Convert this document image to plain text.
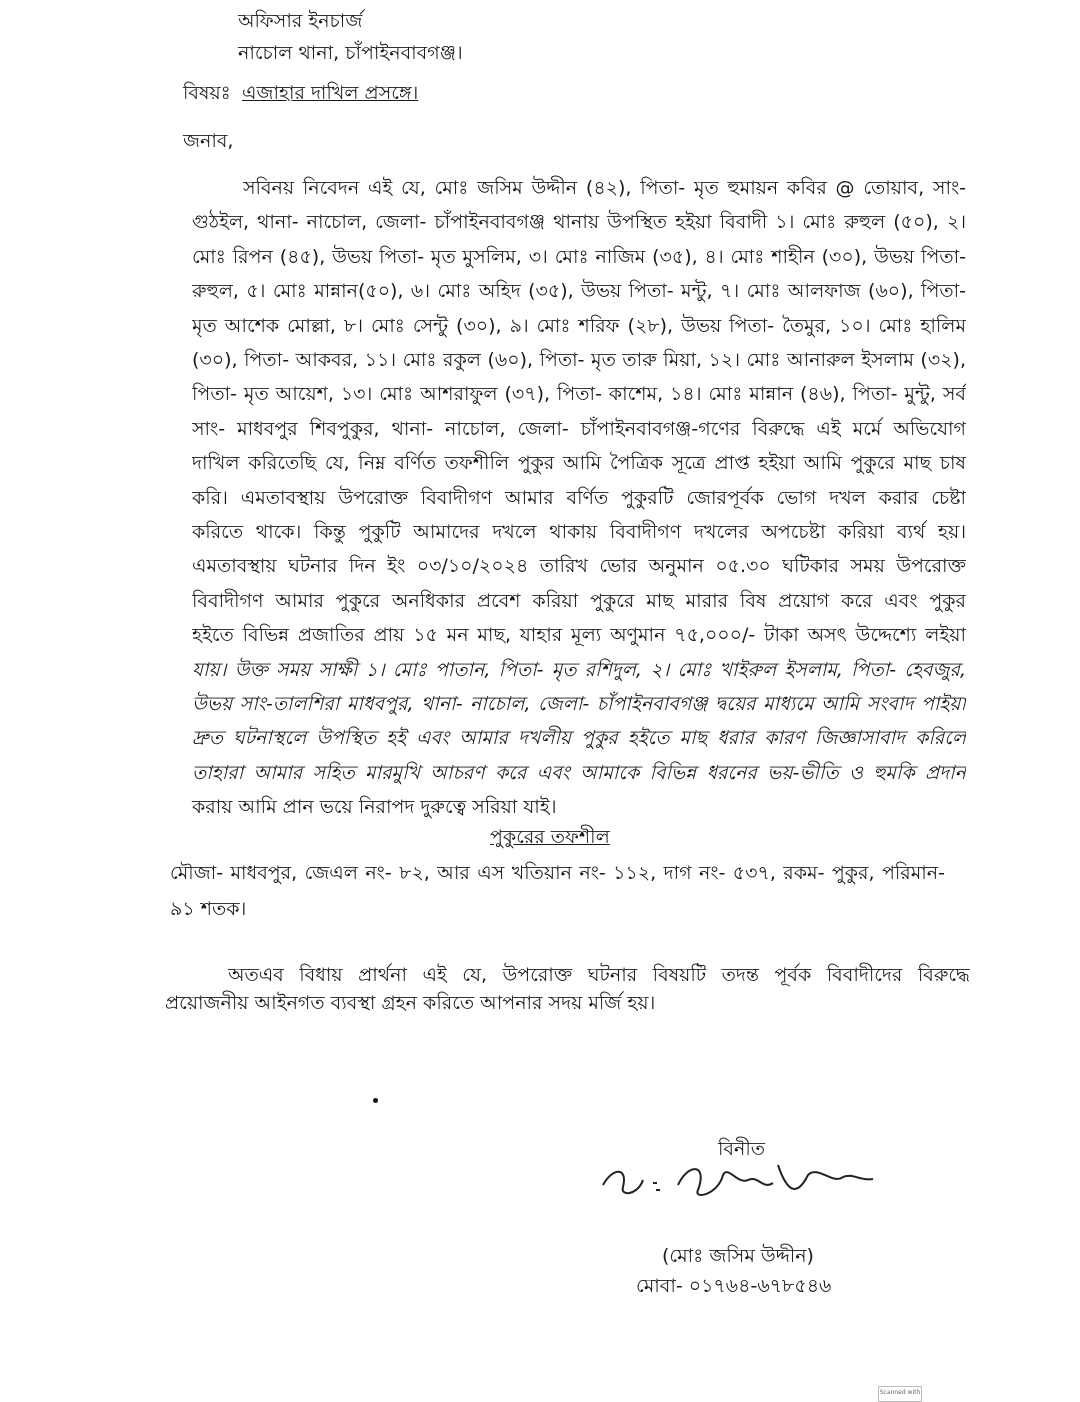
অফিসার ইনচার্জ
নাচোল থানা, চাঁপাইনবাবগঞ্জ।
বিষয়ঃ এজাহার দাখিল প্রসঙ্গে।
জনাব,
সবিনয় নিবেদন এই যে, মোঃ জসিম উদ্দীন (৪২), পিতা- মৃত হুমায়ন কবির @ তোয়াব, সাং-
গুঠইল, থানা- নাচোল, জেলা- চাঁপাইনবাবগঞ্জ থানায় উপস্থিত হইয়া বিবাদী ১। মোঃ রুহুল (৫০), ২।
মোঃ রিপন (৪৫), উভয় পিতা- মৃত মুসলিম, ৩। মোঃ নাজিম (৩৫), ৪। মোঃ শাহীন (৩০), উভয় পিতা-
রুহুল, ৫। মোঃ মান্নান(৫০), ৬। মোঃ অহিদ (৩৫), উভয় পিতা- মন্টু, ৭। মোঃ আলফাজ (৬০), পিতা-
মৃত আশেক মোল্লা, ৮। মোঃ সেন্টু (৩০), ৯। মোঃ শরিফ (২৮), উভয় পিতা- তৈমুর, ১০। মোঃ হালিম
(৩০), পিতা- আকবর, ১১। মোঃ রকুল (৬০), পিতা- মৃত তারু মিয়া, ১২। মোঃ আনারুল ইসলাম (৩২),
পিতা- মৃত আয়েশ, ১৩। মোঃ আশরাফুল (৩৭), পিতা- কাশেম, ১৪। মোঃ মান্নান (৪৬), পিতা- মুন্টু, সর্ব
সাং- মাধবপুর শিবপুকুর, থানা- নাচোল, জেলা- চাঁপাইনবাবগঞ্জ-গণের বিরুদ্ধে এই মর্মে অভিযোগ
দাখিল করিতেছি যে, নিম্ন বর্ণিত তফশীলি পুকুর আমি পৈত্রিক সূত্রে প্রাপ্ত হইয়া আমি পুকুরে মাছ চাষ
করি। এমতাবস্থায় উপরোক্ত বিবাদীগণ আমার বর্ণিত পুকুরটি জোরপূর্বক ভোগ দখল করার চেষ্টা
করিতে থাকে। কিন্তু পুকুটি আমাদের দখলে থাকায় বিবাদীগণ দখলের অপচেষ্টা করিয়া ব্যর্থ হয়।
এমতাবস্থায় ঘটনার দিন ইং ০৩/১০/২০২৪ তারিখ ভোর অনুমান ০৫.৩০ ঘটিকার সময় উপরোক্ত
বিবাদীগণ আমার পুকুরে অনধিকার প্রবেশ করিয়া পুকুরে মাছ মারার বিষ প্রয়োগ করে এবং পুকুর
হইতে বিভিন্ন প্রজাতির প্রায় ১৫ মন মাছ, যাহার মূল্য অণুমান ৭৫,০০০/- টাকা অসৎ উদ্দেশ্যে লইয়া
যায়। উক্ত সময় সাক্ষী ১। মোঃ পাতান, পিতা- মৃত রশিদুল, ২। মোঃ খাইরুল ইসলাম, পিতা- হেবজুর,
উভয় সাং-তালশিরা মাধবপুর, থানা- নাচোল, জেলা- চাঁপাইনবাবগঞ্জ দ্বয়ের মাধ্যমে আমি সংবাদ পাইয়া
দ্রুত ঘটনাস্থলে উপস্থিত হই এবং আমার দখলীয় পুকুর হইতে মাছ ধরার কারণ জিজ্ঞাসাবাদ করিলে
তাহারা আমার সহিত মারমুখি আচরণ করে এবং আমাকে বিভিন্ন ধরনের ভয়-ভীতি ও হুমকি প্রদান
করায় আমি প্রান ভয়ে নিরাপদ দুরুত্বে সরিয়া যাই।
পুকুরের তফশীল
মৌজা- মাধবপুর, জেএল নং- ৮২, আর এস খতিয়ান নং- ১১২, দাগ নং- ৫৩৭, রকম- পুকুর, পরিমান-
৯১ শতক।
অতএব বিধায় প্রার্থনা এই যে, উপরোক্ত ঘটনার বিষয়টি তদন্ত পূর্বক বিবাদীদের বিরুদ্ধে
প্রয়োজনীয় আইনগত ব্যবস্থা গ্রহন করিতে আপনার সদয় মর্জি হয়।
বিনীত
(মোঃ জসিম উদ্দীন)
মোবা- ০১৭৬৪-৬৭৮৫৪৬
Scanned with
